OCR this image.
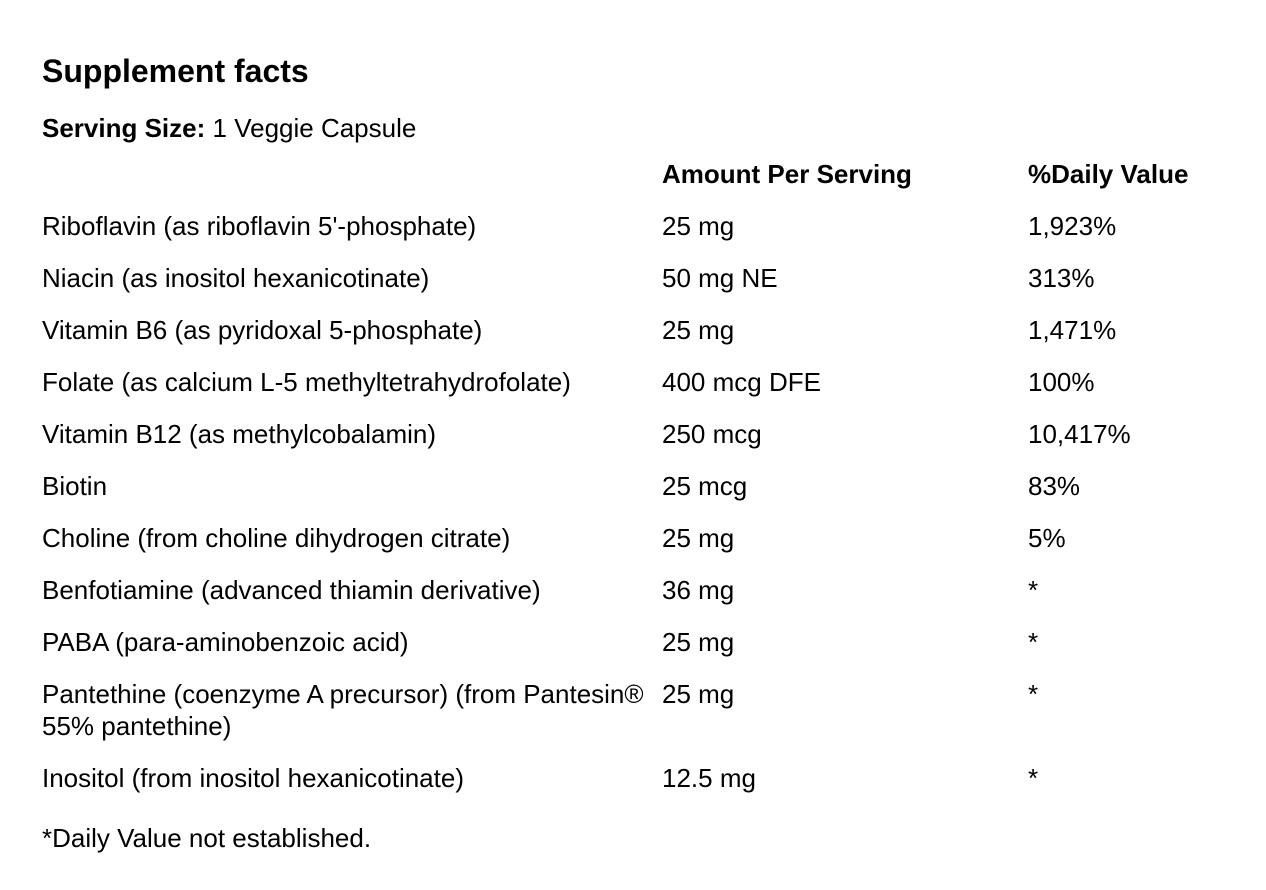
Supplement facts
Serving Size: 1 Veggie Capsule
	Amount Per Serving	%Daily Value
Riboflavin (as riboflavin 5'-phosphate)	25 mg	1,923%
Niacin (as inositol hexanicotinate)	50 mg NE	313%
Vitamin B6 (as pyridoxal 5-phosphate)	25 mg	1,471%
Folate (as calcium L-5 methyltetrahydrofolate)	400 mcg DFE	100%
Vitamin B12 (as methylcobalamin)	250 mcg	10,417%
Biotin	25 mcg	83%
Choline (from choline dihydrogen citrate)	25 mg	5%
Benfotiamine (advanced thiamin derivative)	36 mg	*
PABA (para-aminobenzoic acid)	25 mg	*
Pantethine (coenzyme A precursor) (from Pantesin® 55% pantethine)	25 mg	*
Inositol (from inositol hexanicotinate)	12.5 mg	*
*Daily Value not established.
